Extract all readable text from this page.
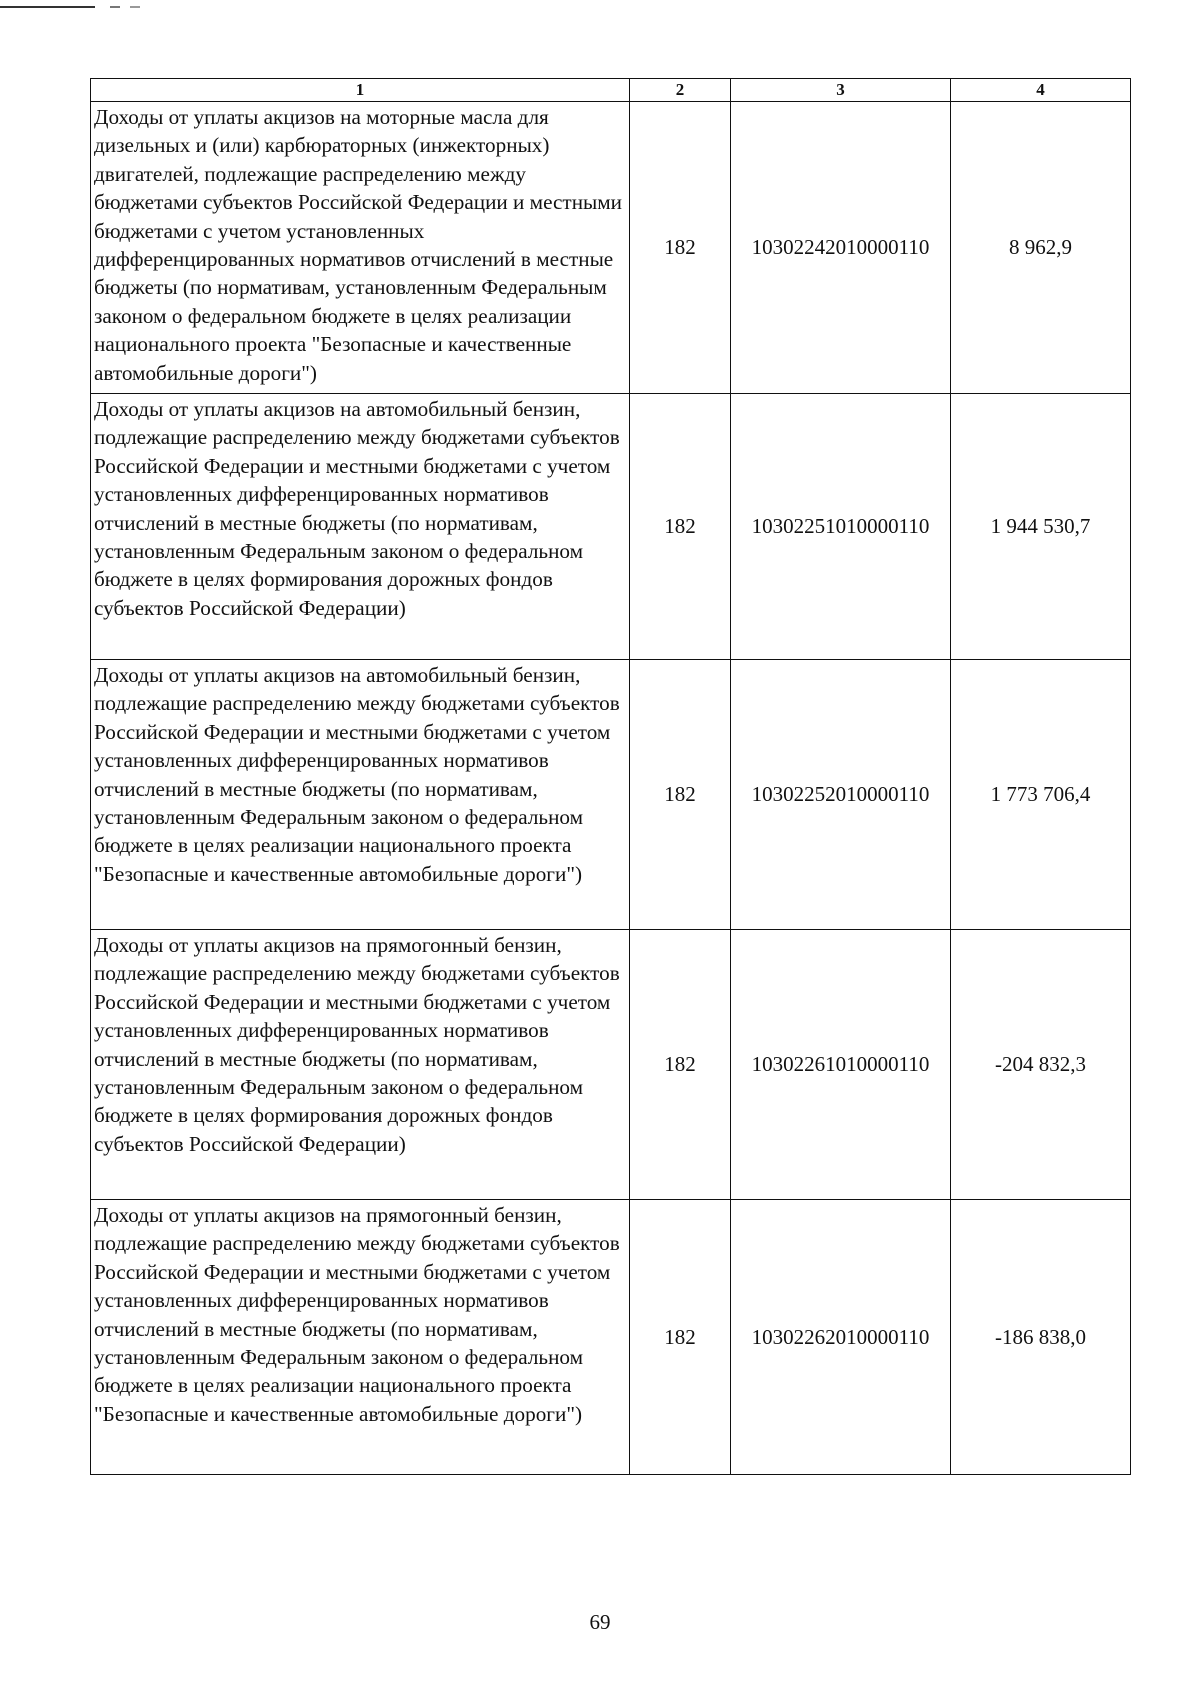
1	2	3	4
Доходы от уплаты акцизов на моторные масла для дизельных и (или) карбюраторных (инжекторных) двигателей, подлежащие распределению между бюджетами субъектов Российской Федерации и местными бюджетами с учетом установленных дифференцированных нормативов отчислений в местные бюджеты (по нормативам, установленным Федеральным законом о федеральном бюджете в целях реализации национального проекта "Безопасные и качественные автомобильные дороги")	182	10302242010000110	8 962,9
Доходы от уплаты акцизов на автомобильный бензин, подлежащие распределению между бюджетами субъектов Российской Федерации и местными бюджетами с учетом установленных дифференцированных нормативов отчислений в местные бюджеты (по нормативам, установленным Федеральным законом о федеральном бюджете в целях формирования дорожных фондов субъектов Российской Федерации)	182	10302251010000110	1 944 530,7
Доходы от уплаты акцизов на автомобильный бензин, подлежащие распределению между бюджетами субъектов Российской Федерации и местными бюджетами с учетом установленных дифференцированных нормативов отчислений в местные бюджеты (по нормативам, установленным Федеральным законом о федеральном бюджете в целях реализации национального проекта "Безопасные и качественные автомобильные дороги")	182	10302252010000110	1 773 706,4
Доходы от уплаты акцизов на прямогонный бензин, подлежащие распределению между бюджетами субъектов Российской Федерации и местными бюджетами с учетом установленных дифференцированных нормативов отчислений в местные бюджеты (по нормативам, установленным Федеральным законом о федеральном бюджете в целях формирования дорожных фондов субъектов Российской Федерации)	182	10302261010000110	-204 832,3
Доходы от уплаты акцизов на прямогонный бензин, подлежащие распределению между бюджетами субъектов Российской Федерации и местными бюджетами с учетом установленных дифференцированных нормативов отчислений в местные бюджеты (по нормативам, установленным Федеральным законом о федеральном бюджете в целях реализации национального проекта "Безопасные и качественные автомобильные дороги")	182	10302262010000110	-186 838,0
69
